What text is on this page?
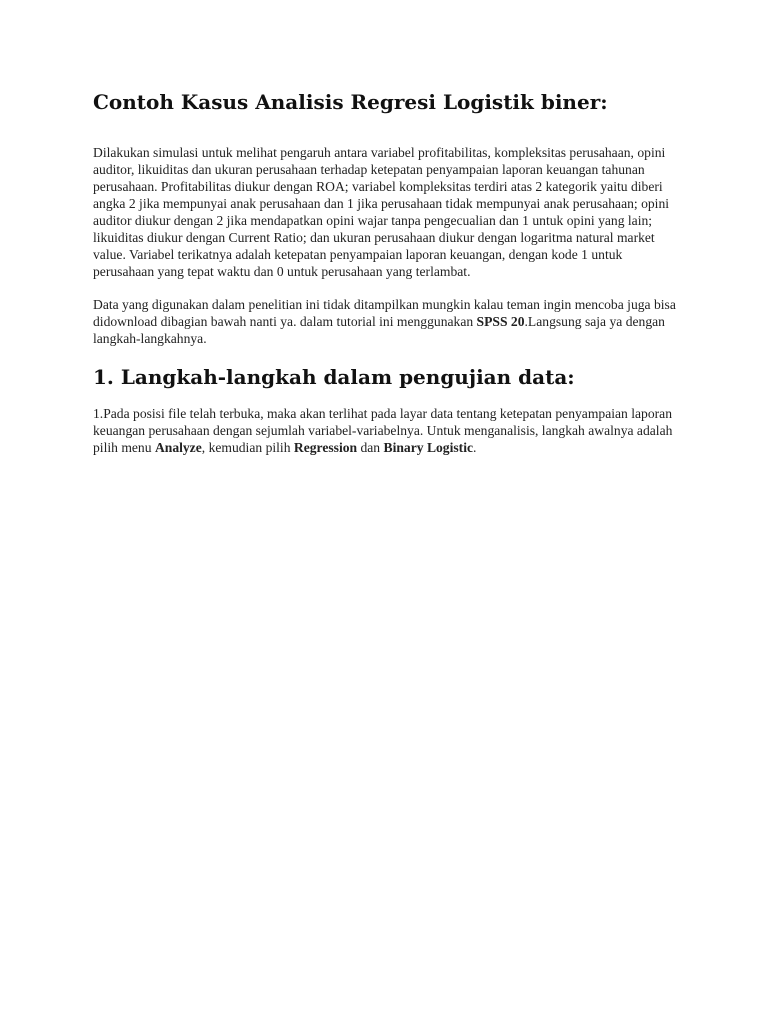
Contoh Kasus Analisis Regresi Logistik biner:

Dilakukan simulasi untuk melihat pengaruh antara variabel profitabilitas, kompleksitas perusahaan, opini auditor, likuiditas dan ukuran perusahaan terhadap ketepatan penyampaian laporan keuangan tahunan perusahaan. Profitabilitas diukur dengan ROA; variabel kompleksitas terdiri atas 2 kategorik yaitu diberi angka 2 jika mempunyai anak perusahaan dan 1 jika perusahaan tidak mempunyai anak perusahaan; opini auditor diukur dengan 2 jika mendapatkan opini wajar tanpa pengecualian dan 1 untuk opini yang lain; likuiditas diukur dengan Current Ratio; dan ukuran perusahaan diukur dengan logaritma natural market value. Variabel terikatnya adalah ketepatan penyampaian laporan keuangan, dengan kode 1 untuk perusahaan yang tepat waktu dan 0 untuk perusahaan yang terlambat.

Data yang digunakan dalam penelitian ini tidak ditampilkan mungkin kalau teman ingin mencoba juga bisa didownload dibagian bawah nanti ya. dalam tutorial ini menggunakan SPSS 20.Langsung saja ya dengan langkah-langkahnya.

1. Langkah-langkah dalam pengujian data:

1.Pada posisi file telah terbuka, maka akan terlihat pada layar data tentang ketepatan penyampaian laporan keuangan perusahaan dengan sejumlah variabel-variabelnya. Untuk menganalisis, langkah awalnya adalah pilih menu Analyze, kemudian pilih Regression dan Binary Logistic.
